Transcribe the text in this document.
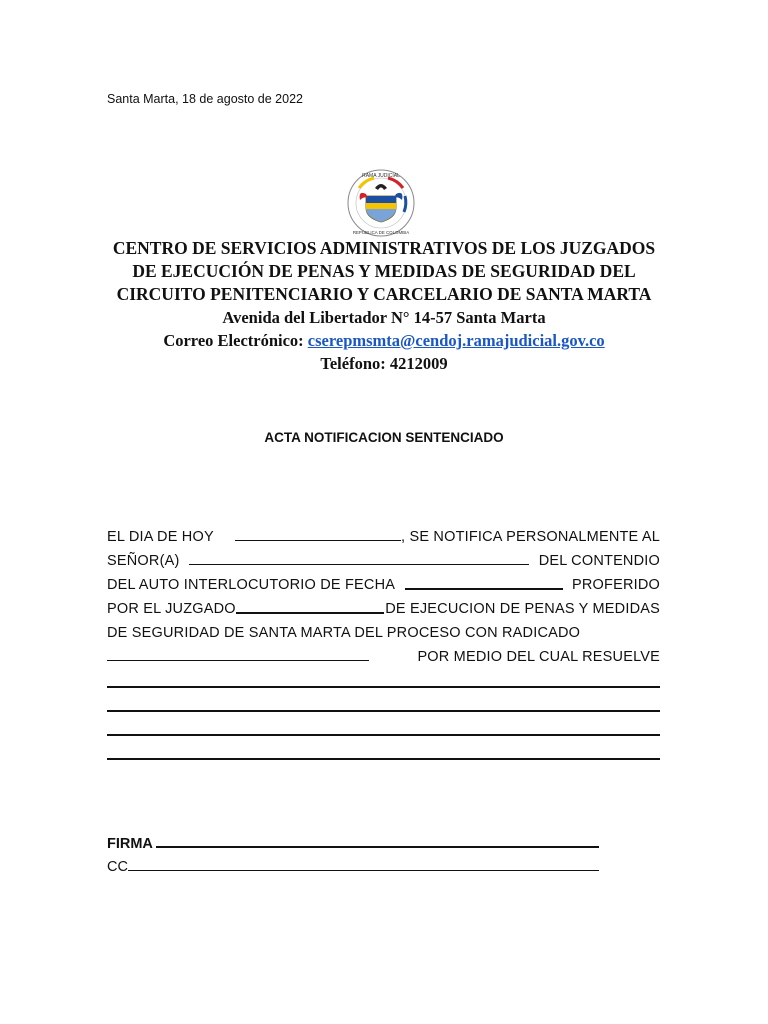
Santa Marta, 18 de agosto de 2022
RAMA JUDICIAL
REPÚBLICA DE COLOMBIA
CENTRO DE SERVICIOS ADMINISTRATIVOS DE LOS JUZGADOS
DE EJECUCIÓN DE PENAS Y MEDIDAS DE SEGURIDAD DEL
CIRCUITO PENITENCIARIO Y CARCELARIO DE SANTA MARTA
Avenida del Libertador N° 14-57 Santa Marta
Correo Electrónico: cserepmsmta@cendoj.ramajudicial.gov.co
Teléfono: 4212009
ACTA NOTIFICACION SENTENCIADO
EL DIA DE HOY	, SE NOTIFICA PERSONALMENTE AL
SEÑOR(A)	DEL CONTENDIO
DEL AUTO INTERLOCUTORIO DE FECHA	PROFERIDO
POR EL JUZGADO	DE EJECUCION DE PENAS Y MEDIDAS
DE SEGURIDAD DE SANTA MARTA DEL PROCESO CON RADICADO
POR MEDIO DEL CUAL RESUELVE
FIRMA
CC
